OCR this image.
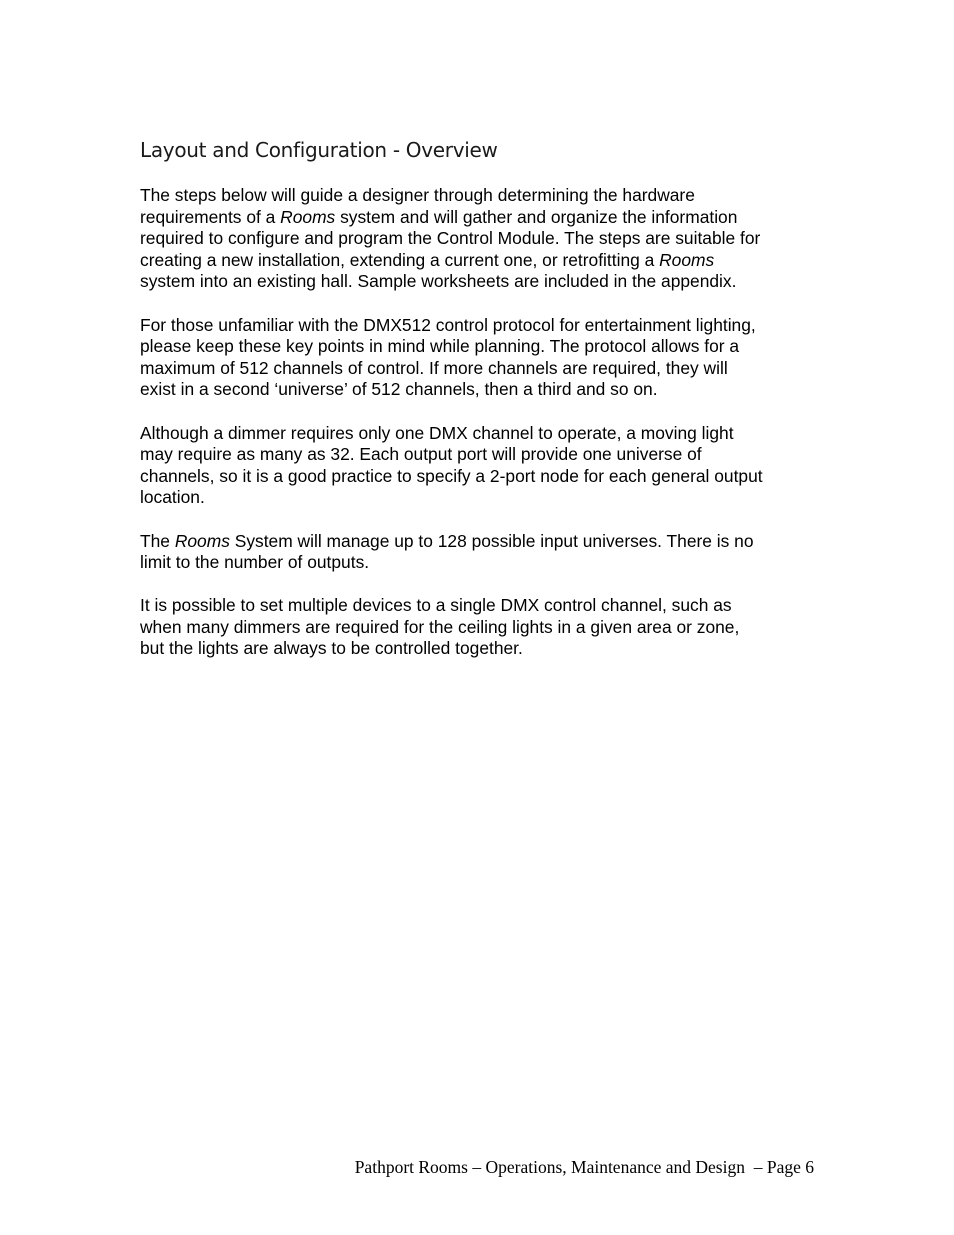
Layout and Configuration - Overview

The steps below will guide a designer through determining the hardware
requirements of a Rooms system and will gather and organize the information
required to configure and program the Control Module. The steps are suitable for
creating a new installation, extending a current one, or retrofitting a Rooms
system into an existing hall. Sample worksheets are included in the appendix.

For those unfamiliar with the DMX512 control protocol for entertainment lighting,
please keep these key points in mind while planning. The protocol allows for a
maximum of 512 channels of control. If more channels are required, they will
exist in a second ‘universe’ of 512 channels, then a third and so on.

Although a dimmer requires only one DMX channel to operate, a moving light
may require as many as 32. Each output port will provide one universe of
channels, so it is a good practice to specify a 2-port node for each general output
location.

The Rooms System will manage up to 128 possible input universes. There is no
limit to the number of outputs.

It is possible to set multiple devices to a single DMX control channel, such as
when many dimmers are required for the ceiling lights in a given area or zone,
but the lights are always to be controlled together.

Pathport Rooms – Operations, Maintenance and Design  – Page 6
